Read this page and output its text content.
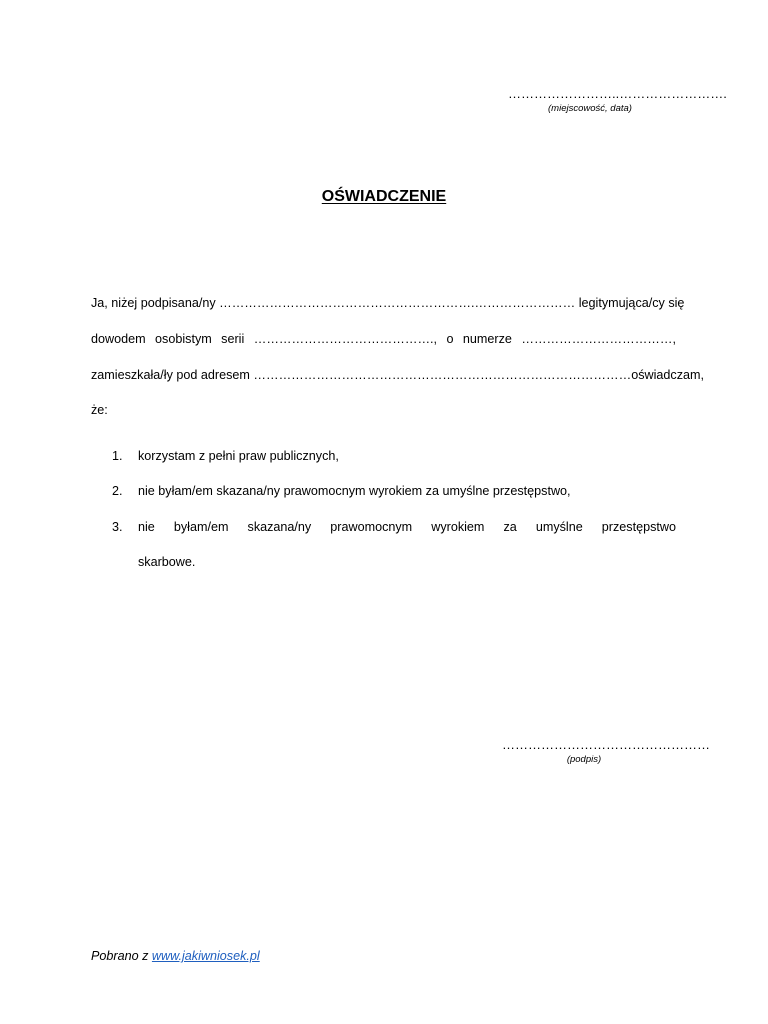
……………………..…………………….
(miejscowość, data)
OŚWIADCZENIE
Ja, niżej podpisana/ny …………………………………………………….…………………… legitymująca/cy się
dowodem osobistym serii ……………………………………., o numerze ………………………………,
zamieszkała/ły pod adresem ………………………………………………………………………………oświadczam,
że:
1.	korzystam z pełni praw publicznych,
2.	nie byłam/em skazana/ny prawomocnym wyrokiem za umyślne przestępstwo,
3.	nie byłam/em skazana/ny prawomocnym wyrokiem za umyślne przestępstwo
skarbowe.
…………………………………………
(podpis)
Pobrano z www.jakiwniosek.pl
